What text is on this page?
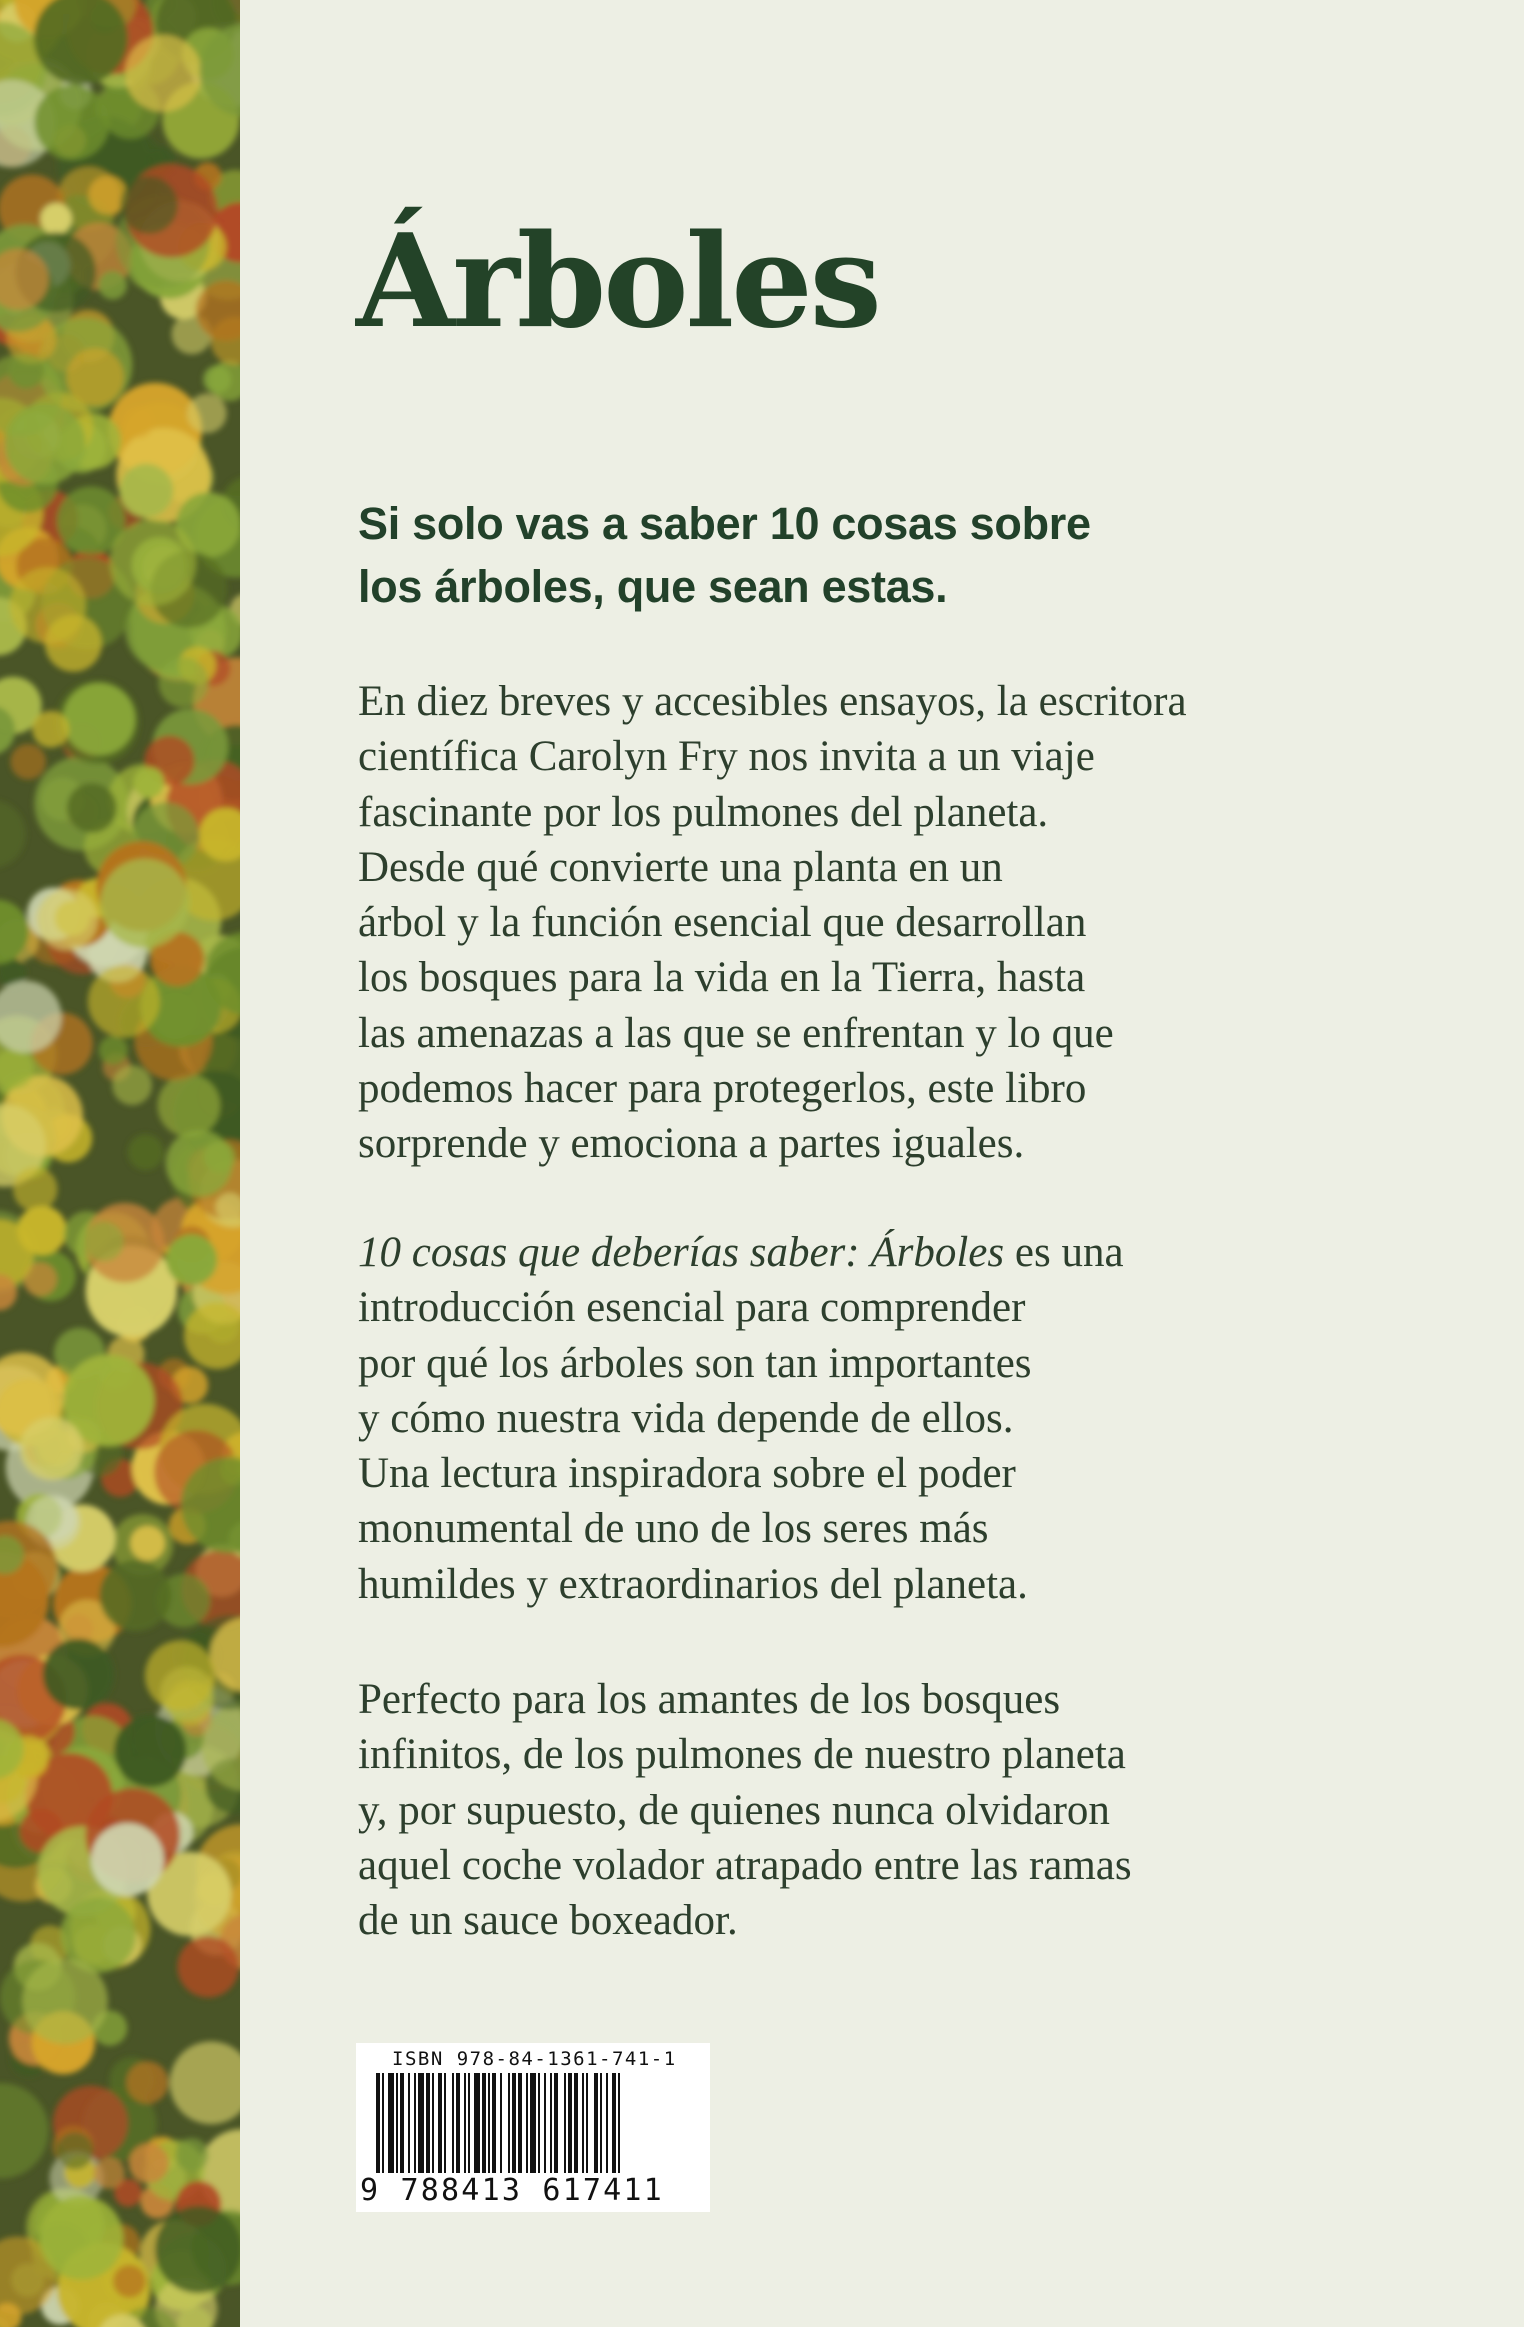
Árboles
Si solo vas a saber 10 cosas sobre
los árboles, que sean estas.
En diez breves y accesibles ensayos, la escritora
científica Carolyn Fry nos invita a un viaje
fascinante por los pulmones del planeta.
Desde qué convierte una planta en un
árbol y la función esencial que desarrollan
los bosques para la vida en la Tierra, hasta
las amenazas a las que se enfrentan y lo que
podemos hacer para protegerlos, este libro
sorprende y emociona a partes iguales.
10 cosas que deberías saber: Árboles es una
introducción esencial para comprender
por qué los árboles son tan importantes
y cómo nuestra vida depende de ellos.
Una lectura inspiradora sobre el poder
monumental de uno de los seres más
humildes y extraordinarios del planeta.
Perfecto para los amantes de los bosques
infinitos, de los pulmones de nuestro planeta
y, por supuesto, de quienes nunca olvidaron
aquel coche volador atrapado entre las ramas
de un sauce boxeador.
ISBN 978-84-1361-741-1
9 788413 617411
